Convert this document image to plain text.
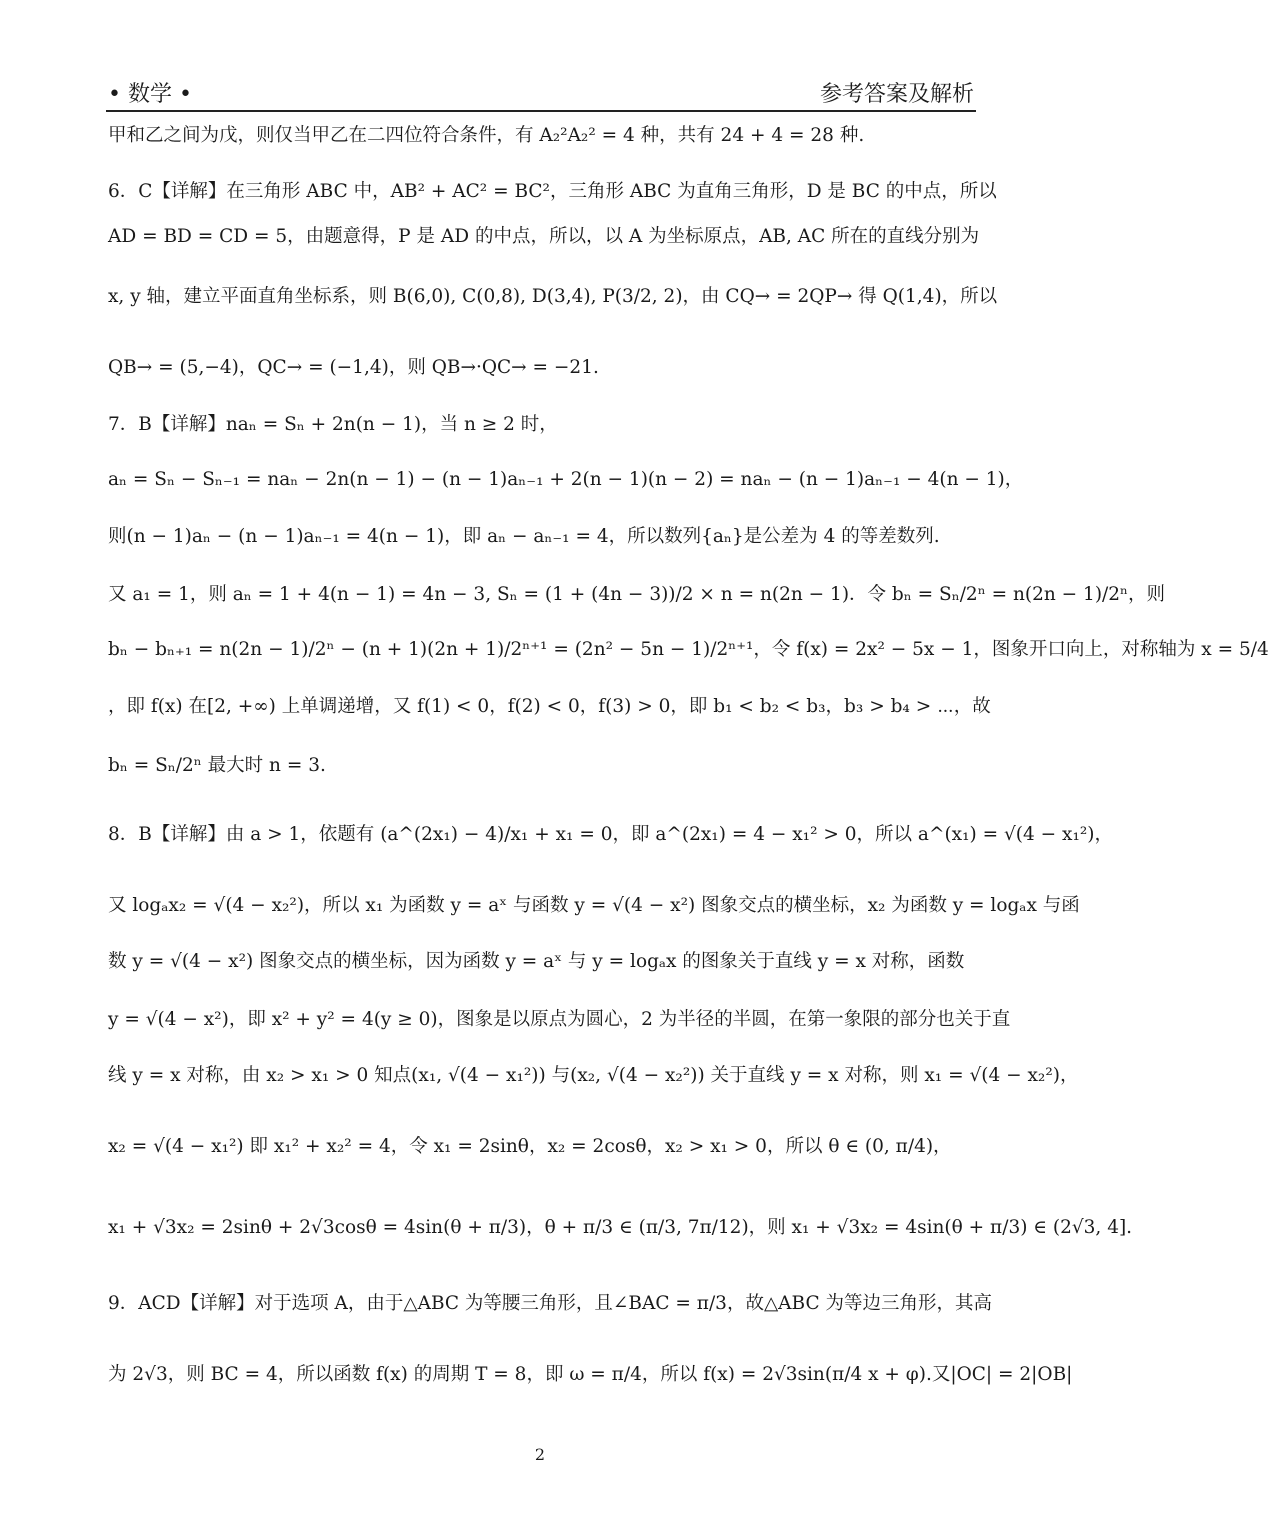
• 数学 •	参考答案及解析
甲和乙之间为戊，则仅当甲乙在二四位符合条件，有 A₂²A₂² = 4 种，共有 24 + 4 = 28 种.
6．C【详解】在三角形 ABC 中，AB² + AC² = BC²，三角形 ABC 为直角三角形，D 是 BC 的中点，所以
AD = BD = CD = 5，由题意得，P 是 AD 的中点，所以，以 A 为坐标原点，AB, AC 所在的直线分别为
x, y 轴，建立平面直角坐标系，则 B(6,0), C(0,8), D(3,4), P(3/2, 2)，由 CQ→ = 2QP→ 得 Q(1,4)，所以
QB→ = (5,−4)，QC→ = (−1,4)，则 QB→·QC→ = −21.
7．B【详解】naₙ = Sₙ + 2n(n − 1)，当 n ≥ 2 时，
aₙ = Sₙ − Sₙ₋₁ = naₙ − 2n(n − 1) − (n − 1)aₙ₋₁ + 2(n − 1)(n − 2) = naₙ − (n − 1)aₙ₋₁ − 4(n − 1)，
则(n − 1)aₙ − (n − 1)aₙ₋₁ = 4(n − 1)，即 aₙ − aₙ₋₁ = 4，所以数列{aₙ}是公差为 4 的等差数列.
又 a₁ = 1，则 aₙ = 1 + 4(n − 1) = 4n − 3, Sₙ = (1 + (4n − 3))/2 × n = n(2n − 1)．令 bₙ = Sₙ/2ⁿ = n(2n − 1)/2ⁿ，则
bₙ − bₙ₊₁ = n(2n − 1)/2ⁿ − (n + 1)(2n + 1)/2ⁿ⁺¹ = (2n² − 5n − 1)/2ⁿ⁺¹，令 f(x) = 2x² − 5x − 1，图象开口向上，对称轴为 x = 5/4
，即 f(x) 在[2, +∞) 上单调递增，又 f(1) < 0，f(2) < 0，f(3) > 0，即 b₁ < b₂ < b₃，b₃ > b₄ > ⋯，故
bₙ = Sₙ/2ⁿ 最大时 n = 3.
8．B【详解】由 a > 1，依题有 (a^(2x₁) − 4)/x₁ + x₁ = 0，即 a^(2x₁) = 4 − x₁² > 0，所以 a^(x₁) = √(4 − x₁²)，
又 logₐx₂ = √(4 − x₂²)，所以 x₁ 为函数 y = aˣ 与函数 y = √(4 − x²) 图象交点的横坐标，x₂ 为函数 y = logₐx 与函
数 y = √(4 − x²) 图象交点的横坐标，因为函数 y = aˣ 与 y = logₐx 的图象关于直线 y = x 对称，函数
y = √(4 − x²)，即 x² + y² = 4(y ≥ 0)，图象是以原点为圆心，2 为半径的半圆，在第一象限的部分也关于直
线 y = x 对称，由 x₂ > x₁ > 0 知点(x₁, √(4 − x₁²)) 与(x₂, √(4 − x₂²)) 关于直线 y = x 对称，则 x₁ = √(4 − x₂²)，
x₂ = √(4 − x₁²) 即 x₁² + x₂² = 4，令 x₁ = 2sinθ，x₂ = 2cosθ，x₂ > x₁ > 0，所以 θ ∈ (0, π/4)，
x₁ + √3x₂ = 2sinθ + 2√3cosθ = 4sin(θ + π/3)，θ + π/3 ∈ (π/3, 7π/12)，则 x₁ + √3x₂ = 4sin(θ + π/3) ∈ (2√3, 4].
9．ACD【详解】对于选项 A，由于△ABC 为等腰三角形，且∠BAC = π/3，故△ABC 为等边三角形，其高
为 2√3，则 BC = 4，所以函数 f(x) 的周期 T = 8，即 ω = π/4，所以 f(x) = 2√3sin(π/4 x + φ).又|OC| = 2|OB|
2
